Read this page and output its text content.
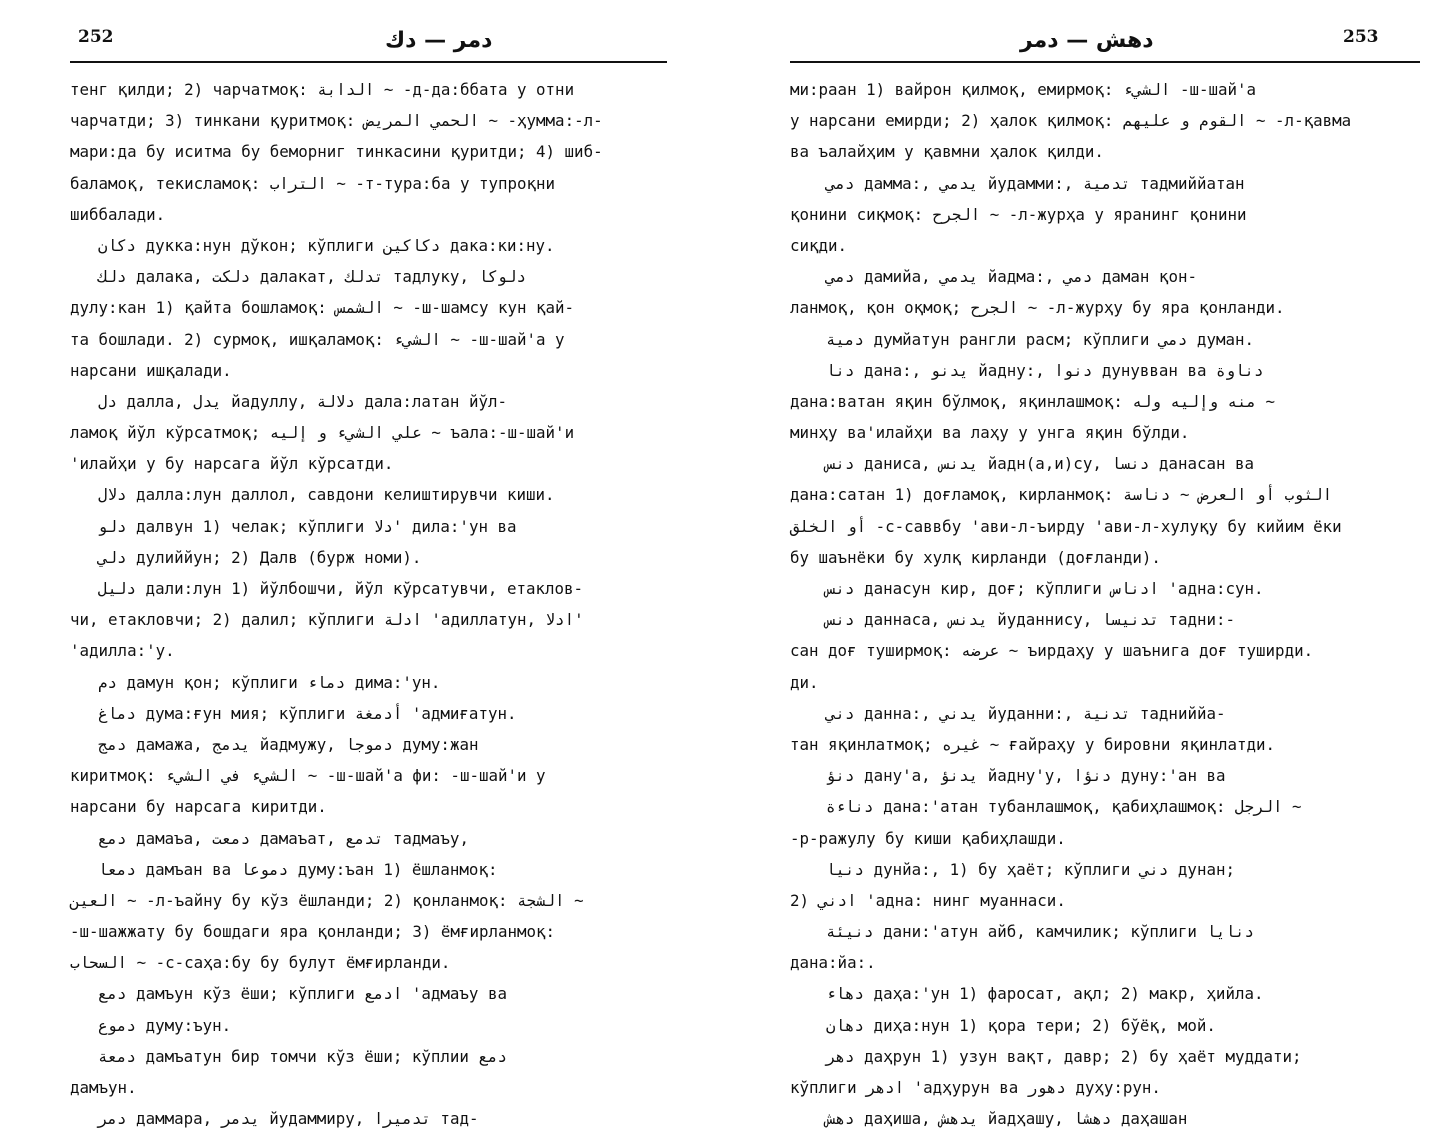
252	دمر — دك
тенг қилди; 2) чарчатмоқ: الدابة ~ -д-да:ббата у отни
чарчатди; 3) тинкани қуритмоқ: الحمي المريض ~ -ҳумма:-л-
мари:да бу иситма бу беморниг тинкасини қуритди; 4) шиб-
баламоқ, текисламоқ: التراب ~ -т-тура:ба у тупроқни
шиббалади.
دكان дукка:нун дўкон; кўплиги دكاكين дака:ки:ну.
دلك далака, دلكت далакат, تدلك тадлуку, دلوكا
дулу:кан 1) қайта бошламоқ: الشمس ~ -ш-шамсу кун қай-
та бошлади. 2) сурмоқ, ишқаламоқ: الشيء ~ -ш-шай'а у
нарсани ишқалади.
دل далла, يدل йадуллу, دلالة дала:латан йўл-
ламоқ йўл кўрсатмоқ; علي الشيء و إليه ~ ъала:-ш-шай'и
'илайҳи у бу нарсага йўл кўрсатди.
دلال далла:лун даллол, савдони келиштирувчи киши.
دلو далвун 1) челак; кўплиги دلا' дила:'ун ва
دلي дулиййун; 2) Далв (бурж номи).
دليل дали:лун 1) йўлбошчи, йўл кўрсатувчи, етаклов-
чи, етакловчи; 2) далил; кўплиги ادلة 'адиллатун, ادلا'
'адилла:'у.
دم дамун қон; кўплиги دماء дима:'ун.
دماغ дума:ғун мия; кўплиги أدمغة 'адмиғатун.
دمج дамажа, يدمج йадмужу, دموجا думу:жан
киритмоқ: الشيء في الشيء ~ -ш-шай'а фи: -ш-шай'и у
нарсани бу нарсага киритди.
دمع дамаъа, دمعت дамаъат, تدمع тадмаъу,
دمعا дамъан ва دموعا думу:ъан 1) ёшланмоқ:
العين ~ -л-ъайну бу кўз ёшланди; 2) қонланмоқ: الشجة ~
-ш-шажжату бу бошдаги яра қонланди; 3) ёмғирланмоқ:
السحاب ~ -с-саҳа:бу бу булут ёмғирланди.
دمع дамъун кўз ёши; кўплиги ادمع 'адмаъу ва
دموع думу:ъун.
دمعة дамъатун бир томчи кўз ёши; кўплии دمع
дамъун.
دمر даммара, يدمر йудаммиру, تدميرا тад-
253
دهش — دمر
ми:раан 1) вайрон қилмоқ, емирмоқ: الشيء -ш-шай'а
у нарсани емирди; 2) ҳалок қилмоқ: القوم و عليهم ~ -л-қавма
ва ъалайҳим у қавмни ҳалок қилди.
دمي дамма:, يدمي йудамми:, تدمية тадмиййатан
қонини сиқмоқ: الجرح ~ -л-журҳа у яранинг қонини
сиқди.
دمي дамийа, يدمي йадма:, دمي даман қон-
ланмоқ, қон оқмоқ; الجرح ~ -л-журҳу бу яра қонланди.
دمية думйатун рангли расм; кўплиги دمي думан.
دنا дана:, يدنو йадну:, دنوا дунувван ва دناوة
дана:ватан яқин бўлмоқ, яқинлашмоқ: منه وإليه وله ~
минҳу ва'илайҳи ва лаҳу у унга яқин бўлди.
دنس даниса, يدنس йадн(а,и)су, دنسا данасан ва
дана:сатан 1) доғламоқ, кирланмоқ: الثوب أو العرض ~ دناسة
أو الخلق -с-саввбу 'ави-л-ъирду 'ави-л-хулуқу бу кийим ёки
бу шаънёки бу хулқ кирланди (доғланди).
دنس данасун кир, доғ; кўплиги ادناس 'адна:сун.
دنس даннаса, يدنس йуданнису, تدنيسا тадни:-
сан доғ туширмоқ: عرضه ~ ъирдаҳу у шаънига доғ туширди.
ди.
دني данна:, يدني йуданни:, تدنية тадниййа-
тан яқинлатмоқ; غيره ~ ғайраҳу у бировни яқинлатди.
دنؤ дану'а, يدنؤ йадну'у, دنؤا дуну:'ан ва
دناءة дана:'атан тубанлашмоқ, қабиҳлашмоқ: الرجل ~
-р-ражулу бу киши қабиҳлашди.
دنيا дунйа:, 1) бу ҳаёт; кўплиги دني дунан;
2) ادني 'адна: нинг муаннаси.
دنيئة дани:'атун айб, камчилик; кўплиги دنايا
дана:йа:.
دهاء даҳа:'ун 1) фаросат, ақл; 2) макр, ҳийла.
دهان диҳа:нун 1) қора тери; 2) бўёқ, мой.
دهر даҳрун 1) узун вақт, давр; 2) бу ҳаёт муддати;
кўплиги ادهر 'адҳурун ва دهور дуҳу:рун.
دهش даҳиша, يدهش йадҳашу, دهشا даҳашан
